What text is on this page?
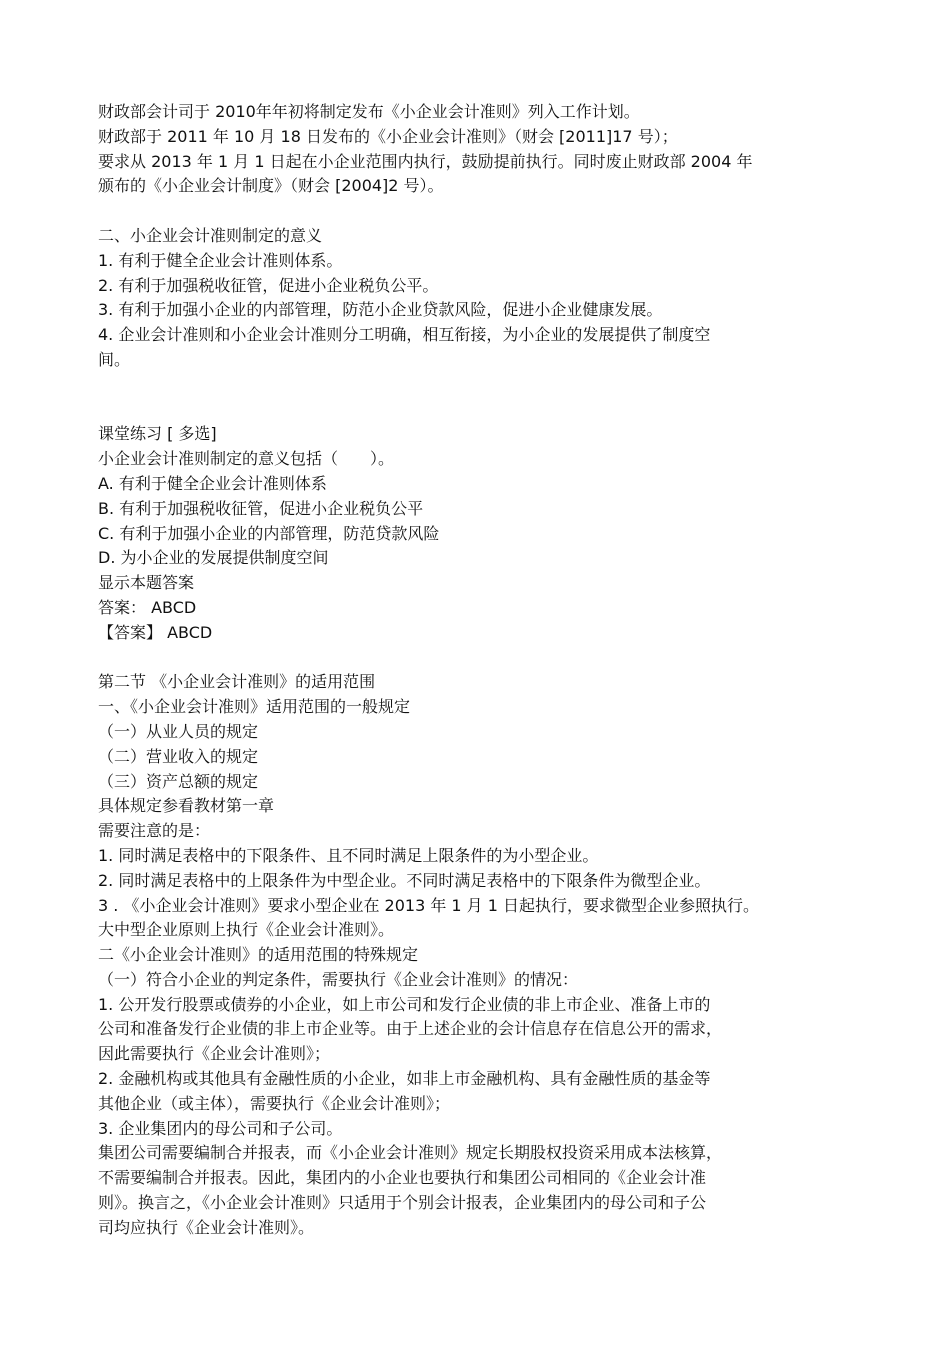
财政部会计司于 2010年年初将制定发布《小企业会计准则》列入工作计划。
财政部于 2011 年 10 月 18 日发布的《小企业会计准则》（财会 [2011]17 号）；
要求从 2013 年 1 月 1 日起在小企业范围内执行，鼓励提前执行。同时废止财政部 2004 年
颁布的《小企业会计制度》（财会 [2004]2 号）。
二、小企业会计准则制定的意义
1. 有利于健全企业会计准则体系。
2. 有利于加强税收征管，促进小企业税负公平。
3. 有利于加强小企业的内部管理，防范小企业贷款风险，促进小企业健康发展。
4. 企业会计准则和小企业会计准则分工明确，相互衔接，为小企业的发展提供了制度空
间。
课堂练习 [ 多选]
小企业会计准则制定的意义包括（　　）。
A. 有利于健全企业会计准则体系
B. 有利于加强税收征管，促进小企业税负公平
C. 有利于加强小企业的内部管理，防范贷款风险
D. 为小企业的发展提供制度空间
显示本题答案
答案： ABCD
【答案】 ABCD
第二节 《小企业会计准则》的适用范围
一、《小企业会计准则》适用范围的一般规定
（一）从业人员的规定
（二）营业收入的规定
（三）资产总额的规定
具体规定参看教材第一章
需要注意的是：
1. 同时满足表格中的下限条件、且不同时满足上限条件的为小型企业。
2. 同时满足表格中的上限条件为中型企业。不同时满足表格中的下限条件为微型企业。
3 . 《小企业会计准则》要求小型企业在 2013 年 1 月 1 日起执行，要求微型企业参照执行。
大中型企业原则上执行《企业会计准则》。
二《小企业会计准则》的适用范围的特殊规定
（一）符合小企业的判定条件，需要执行《企业会计准则》的情况：
1. 公开发行股票或债券的小企业，如上市公司和发行企业债的非上市企业、准备上市的
公司和准备发行企业债的非上市企业等。由于上述企业的会计信息存在信息公开的需求，
因此需要执行《企业会计准则》；
2. 金融机构或其他具有金融性质的小企业，如非上市金融机构、具有金融性质的基金等
其他企业（或主体），需要执行《企业会计准则》；
3. 企业集团内的母公司和子公司。
集团公司需要编制合并报表，而《小企业会计准则》规定长期股权投资采用成本法核算，
不需要编制合并报表。因此，集团内的小企业也要执行和集团公司相同的《企业会计准
则》。换言之，《小企业会计准则》只适用于个别会计报表，企业集团内的母公司和子公
司均应执行《企业会计准则》。
